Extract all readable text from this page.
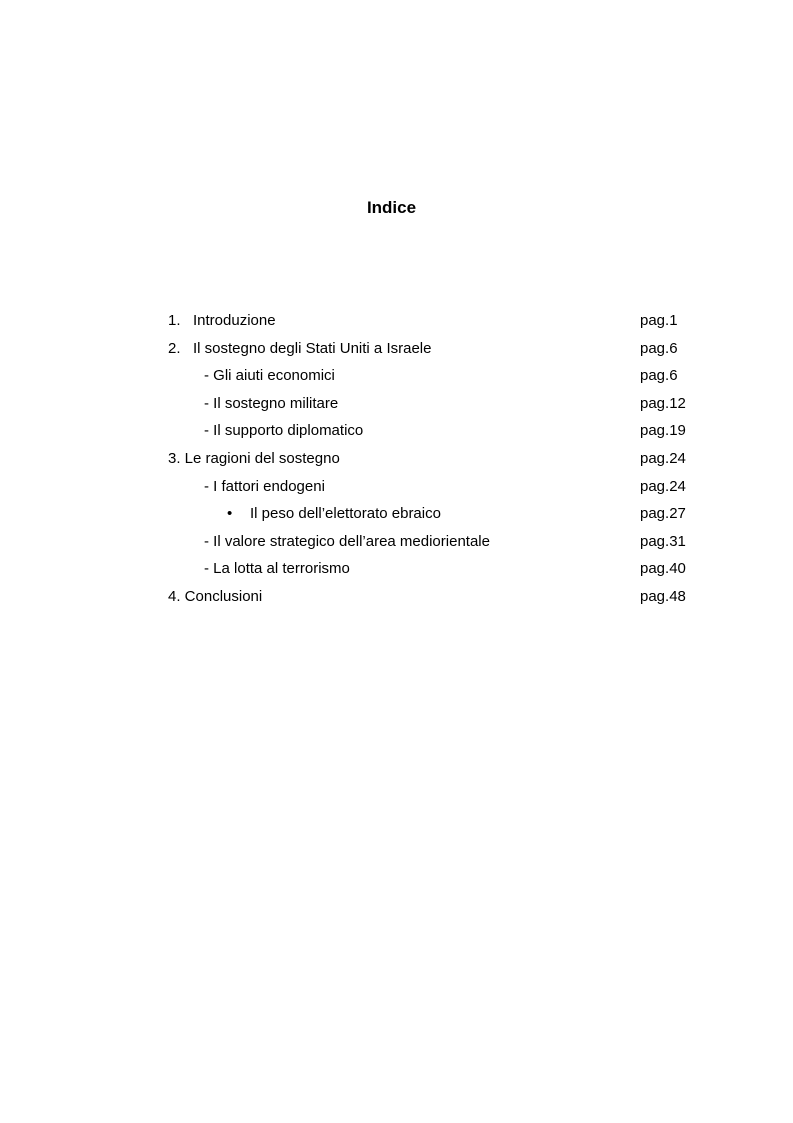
Indice
1. Introduzione	pag.1
2. Il sostegno degli Stati Uniti a Israele	pag.6
- Gli aiuti economici	pag.6
- Il sostegno militare	pag.12
- Il supporto diplomatico	pag.19
3. Le ragioni del sostegno	pag.24
- I fattori endogeni	pag.24
• Il peso dell’elettorato ebraico	pag.27
- Il valore strategico dell’area mediorientale	pag.31
- La lotta al terrorismo	pag.40
4. Conclusioni	pag.48
